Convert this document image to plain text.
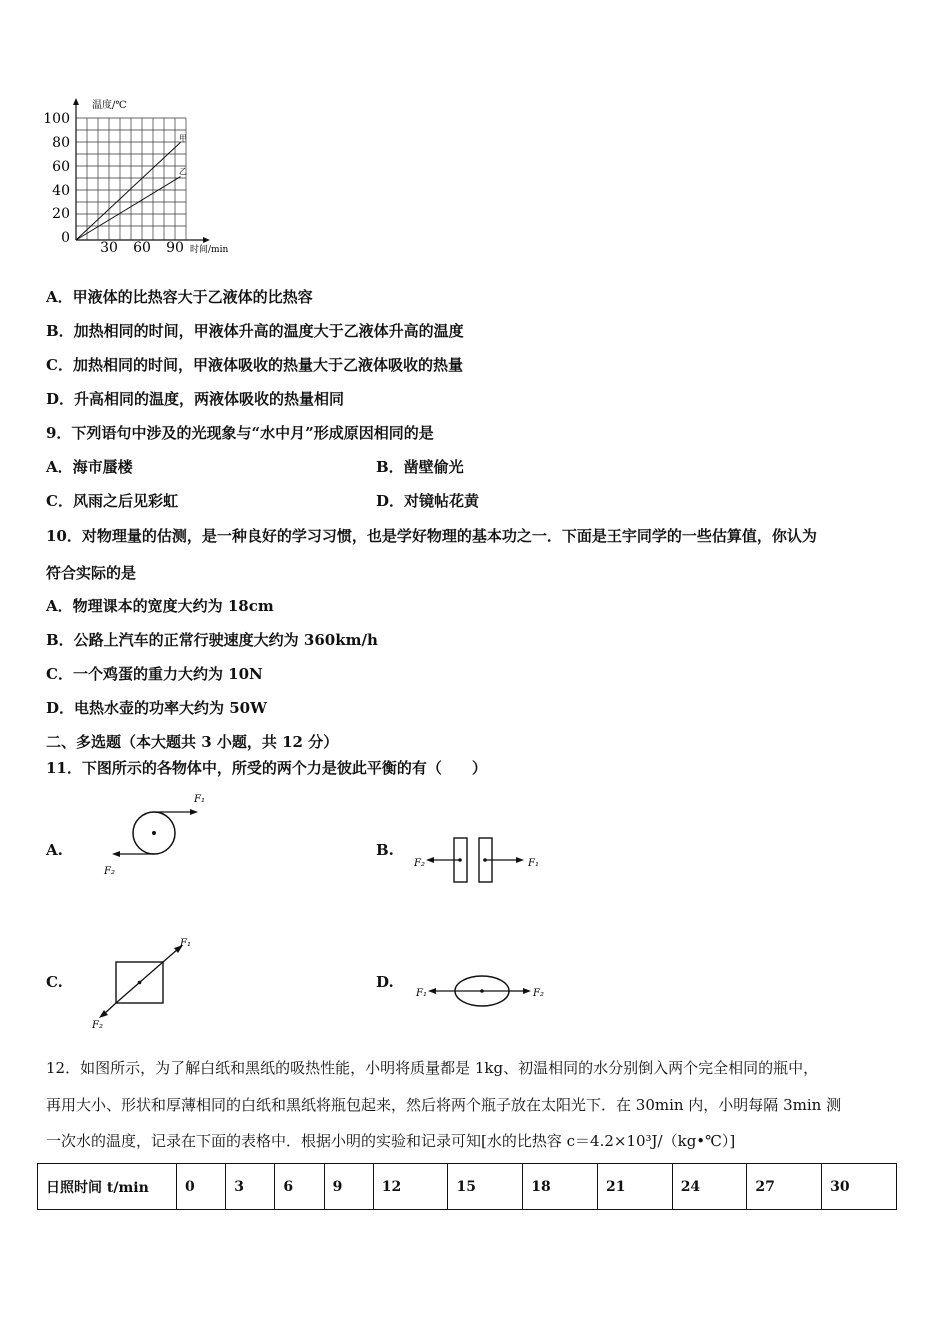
温度/℃
100
80
60
40
20
0
30 60 90 时间/min
甲
乙
A．甲液体的比热容大于乙液体的比热容
B．加热相同的时间，甲液体升高的温度大于乙液体升高的温度
C．加热相同的时间，甲液体吸收的热量大于乙液体吸收的热量
D．升高相同的温度，两液体吸收的热量相同
9．下列语句中涉及的光现象与“水中月”形成原因相同的是
A．海市蜃楼	B．凿壁偷光
C．风雨之后见彩虹	D．对镜帖花黄
10．对物理量的估测，是一种良好的学习习惯，也是学好物理的基本功之一．下面是王宇同学的一些估算值，你认为
符合实际的是
A．物理课本的宽度大约为 18cm
B．公路上汽车的正常行驶速度大约为 360km/h
C．一个鸡蛋的重力大约为 10N
D．电热水壶的功率大约为 50W
二、多选题（本大题共 3 小题，共 12 分）
11．下图所示的各物体中，所受的两个力是彼此平衡的有（　　）
A.	B.
C.	D.
F₁
F₂
F₂	F₁
F₁
F₂
F₁	F₂
12．如图所示，为了解白纸和黑纸的吸热性能，小明将质量都是 1kg、初温相同的水分别倒入两个完全相同的瓶中，
再用大小、形状和厚薄相同的白纸和黑纸将瓶包起来，然后将两个瓶子放在太阳光下．在 30min 内，小明每隔 3min 测
一次水的温度，记录在下面的表格中．根据小明的实验和记录可知[水的比热容 c＝4.2×10³J/（kg•℃）]
日照时间 t/min	0	3	6	9	12	15	18	21	24	27	30
